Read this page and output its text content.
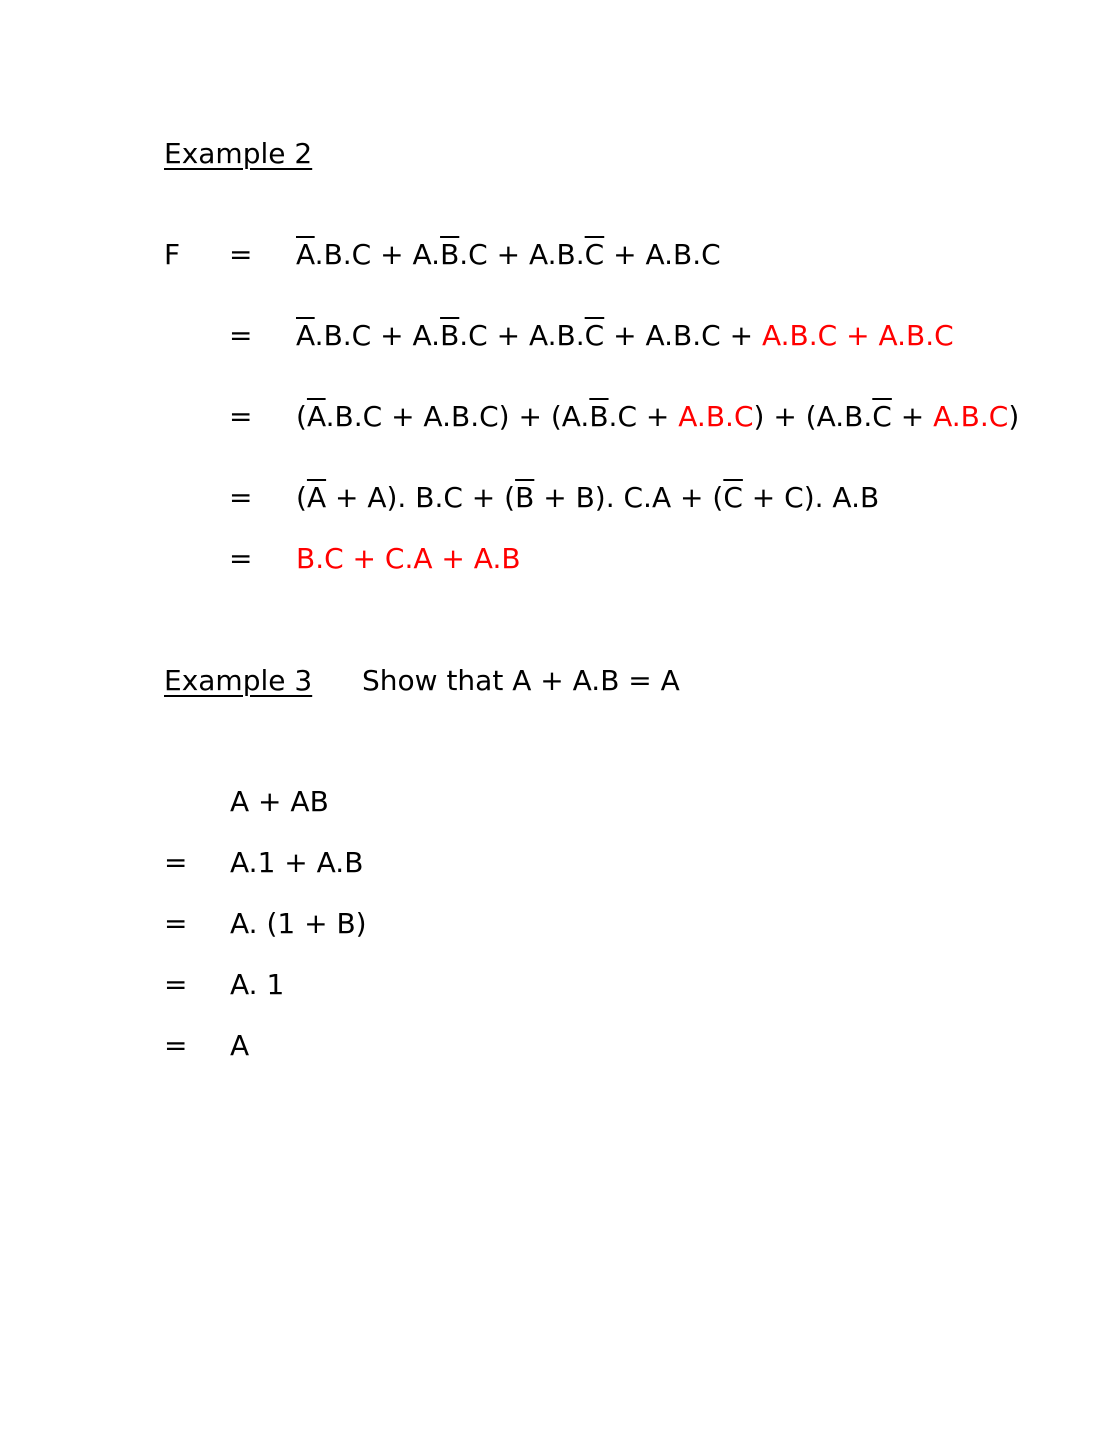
Example 2
F =
=
=
=
=
$\overline{A}.B.C + A.\overline{B}.C + A.B.\overline{C} + A.B.C$
$\overline{A}.B.C + A.\overline{B}.C + A.B.\overline{C} + A.B.C + A.B.C + A.B.C$
$(\overline{A}.B.C + A.B.C) + (A.\overline{B}.C + A.B.C) + (A.B.\overline{C} + A.B.C)$
$(\overline{A} + A)$. $B.C + (\overline{B} + B)$. $C.A + (\overline{C} + C)$. A.B
B.C + C.A + A.B
Example 3 Show that A + A.B = A
A + AB
= A.1 + A.B
= A. (1 + B)
= A. 1
= A
